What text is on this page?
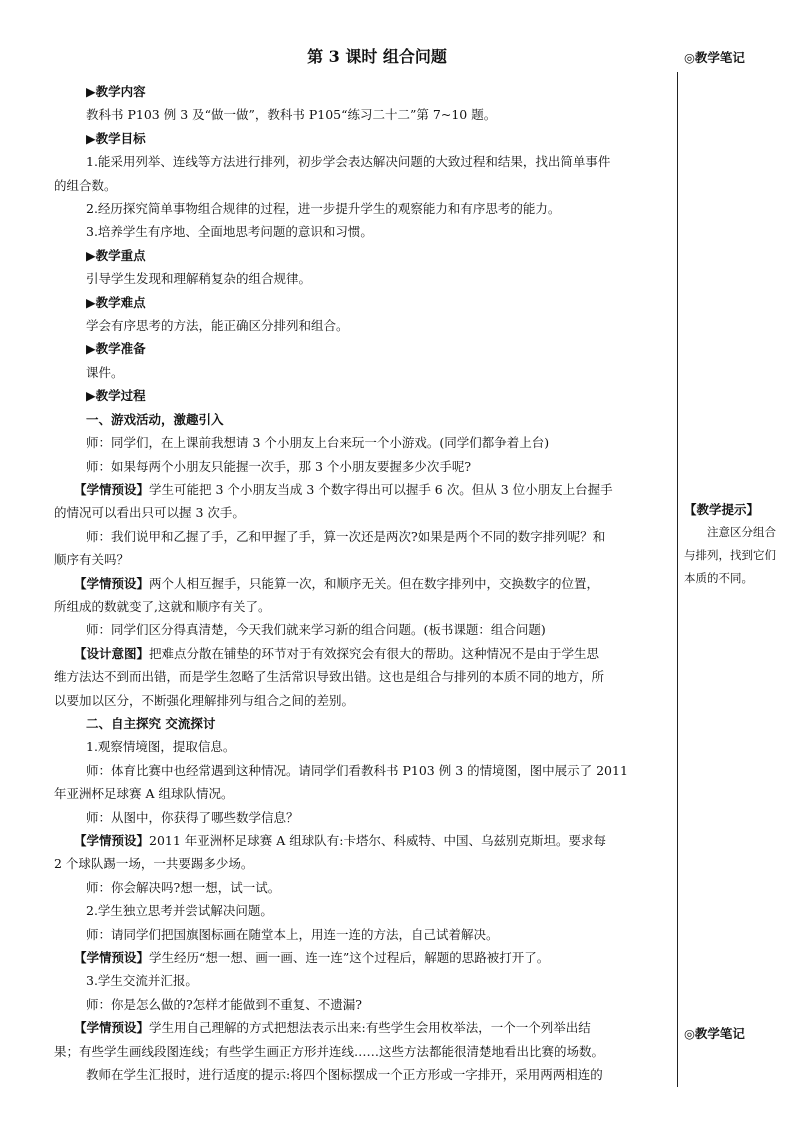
第 3 课时 组合问题

▶教学内容

教科书 P103 例 3 及“做一做”，教科书 P105“练习二十二”第 7~10 题。

▶教学目标

1.能采用列举、连线等方法进行排列，初步学会表达解决问题的大致过程和结果，找出简单事件

的组合数。

2.经历探究简单事物组合规律的过程，进一步提升学生的观察能力和有序思考的能力。

3.培养学生有序地、全面地思考问题的意识和习惯。

▶教学重点

引导学生发现和理解稍复杂的组合规律。

▶教学难点

学会有序思考的方法，能正确区分排列和组合。

▶教学准备

课件。

▶教学过程

一、游戏活动，激趣引入

师：同学们，在上课前我想请 3 个小朋友上台来玩一个小游戏。(同学们都争着上台)

师：如果每两个小朋友只能握一次手，那 3 个小朋友要握多少次手呢?

【学情预设】学生可能把 3 个小朋友当成 3 个数字得出可以握手 6 次。但从 3 位小朋友上台握手

的情况可以看出只可以握 3 次手。

师：我们说甲和乙握了手，乙和甲握了手，算一次还是两次?如果是两个不同的数字排列呢？和

顺序有关吗？

【学情预设】两个人相互握手，只能算一次，和顺序无关。但在数字排列中，交换数字的位置，

所组成的数就变了,这就和顺序有关了。

师：同学们区分得真清楚，今天我们就来学习新的组合问题。(板书课题：组合问题)

【设计意图】把难点分散在铺垫的环节对于有效探究会有很大的帮助。这种情况不是由于学生思

维方法达不到而出错，而是学生忽略了生活常识导致出错。这也是组合与排列的本质不同的地方，所

以要加以区分，不断强化理解排列与组合之间的差别。

二、自主探究 交流探讨

1.观察情境图，提取信息。

师：体育比赛中也经常遇到这种情况。请同学们看教科书 P103 例 3 的情境图，图中展示了 2011

年亚洲杯足球赛 A 组球队情况。

师：从图中，你获得了哪些数学信息？

【学情预设】2011 年亚洲杯足球赛 A 组球队有:卡塔尔、科威特、中国、乌兹别克斯坦。要求每

2 个球队踢一场，一共要踢多少场。

师：你会解决吗?想一想，试一试。

2.学生独立思考并尝试解决问题。

师：请同学们把国旗图标画在随堂本上，用连一连的方法，自己试着解决。

【学情预设】学生经历“想一想、画一画、连一连”这个过程后，解题的思路被打开了。

3.学生交流并汇报。

师：你是怎么做的?怎样才能做到不重复、不遗漏?

【学情预设】学生用自己理解的方式把想法表示出来:有些学生会用枚举法，一个一个列举出结

果；有些学生画线段图连线；有些学生画正方形并连线……这些方法都能很清楚地看出比赛的场数。

教师在学生汇报时，进行适度的提示:将四个图标摆成一个正方形或一字排开，采用两两相连的

◎教学笔记
【教学提示】
注意区分组合与排列，找到它们本质的不同。
◎教学笔记
